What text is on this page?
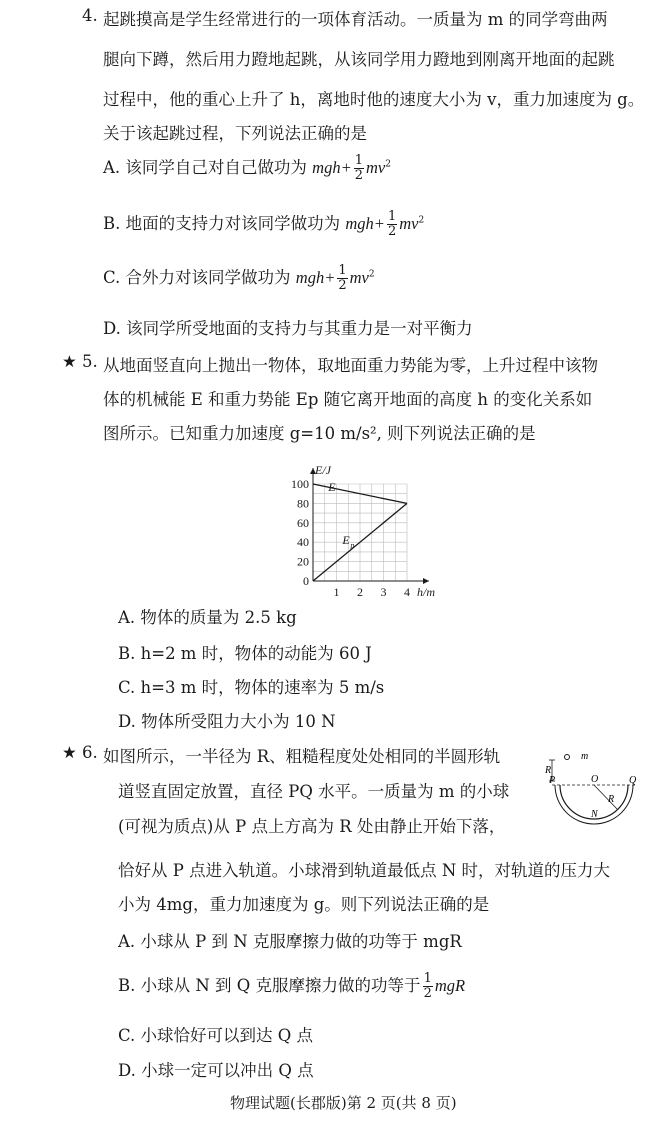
4. 起跳摸高是学生经常进行的一项体育活动。一质量为 m 的同学弯曲两
腿向下蹲，然后用力蹬地起跳，从该同学用力蹬地到刚离开地面的起跳
过程中，他的重心上升了 h，离地时他的速度大小为 v，重力加速度为 g。
关于该起跳过程，下列说法正确的是
A. 该同学自己对自己做功为 $mgh+ \frac{1}{2} mv^2$
B. 地面的支持力对该同学做功为 $mgh+ \frac{1}{2} mv^2$
C. 合外力对该同学做功为 $mgh+ \frac{1}{2} mv^2$
D. 该同学所受地面的支持力与其重力是一对平衡力
★ 5. 从地面竖直向上抛出一物体，取地面重力势能为零，上升过程中该物
体的机械能 E 和重力势能 Ep 随它离开地面的高度 h 的变化关系如
图所示。已知重力加速度 g=10 m/s², 则下列说法正确的是
0
20
40
60
80
100
1 2 3 4 h/m
E/J
E
E p
A. 物体的质量为 2.5 kg
B. h=2 m 时，物体的动能为 60 J
C. h=3 m 时，物体的速率为 5 m/s
D. 物体所受阻力大小为 10 N
★ 6. 如图所示，一半径为 R、粗糙程度处处相同的半圆形轨
道竖直固定放置，直径 PQ 水平。一质量为 m 的小球
(可视为质点)从 P 点上方高为 R 处由静止开始下落，
恰好从 P 点进入轨道。小球滑到轨道最低点 N 时，对轨道的压力大
小为 4mg，重力加速度为 g。则下列说法正确的是
m
R
P	O	Q
R
N
A. 小球从 P 到 N 克服摩擦力做的功等于 mgR
B. 小球从 N 到 Q 克服摩擦力做的功等于 $\frac{1}{2}$ mgR
C. 小球恰好可以到达 Q 点
D. 小球一定可以冲出 Q 点
物理试题(长郡版)第 2 页(共 8 页)
